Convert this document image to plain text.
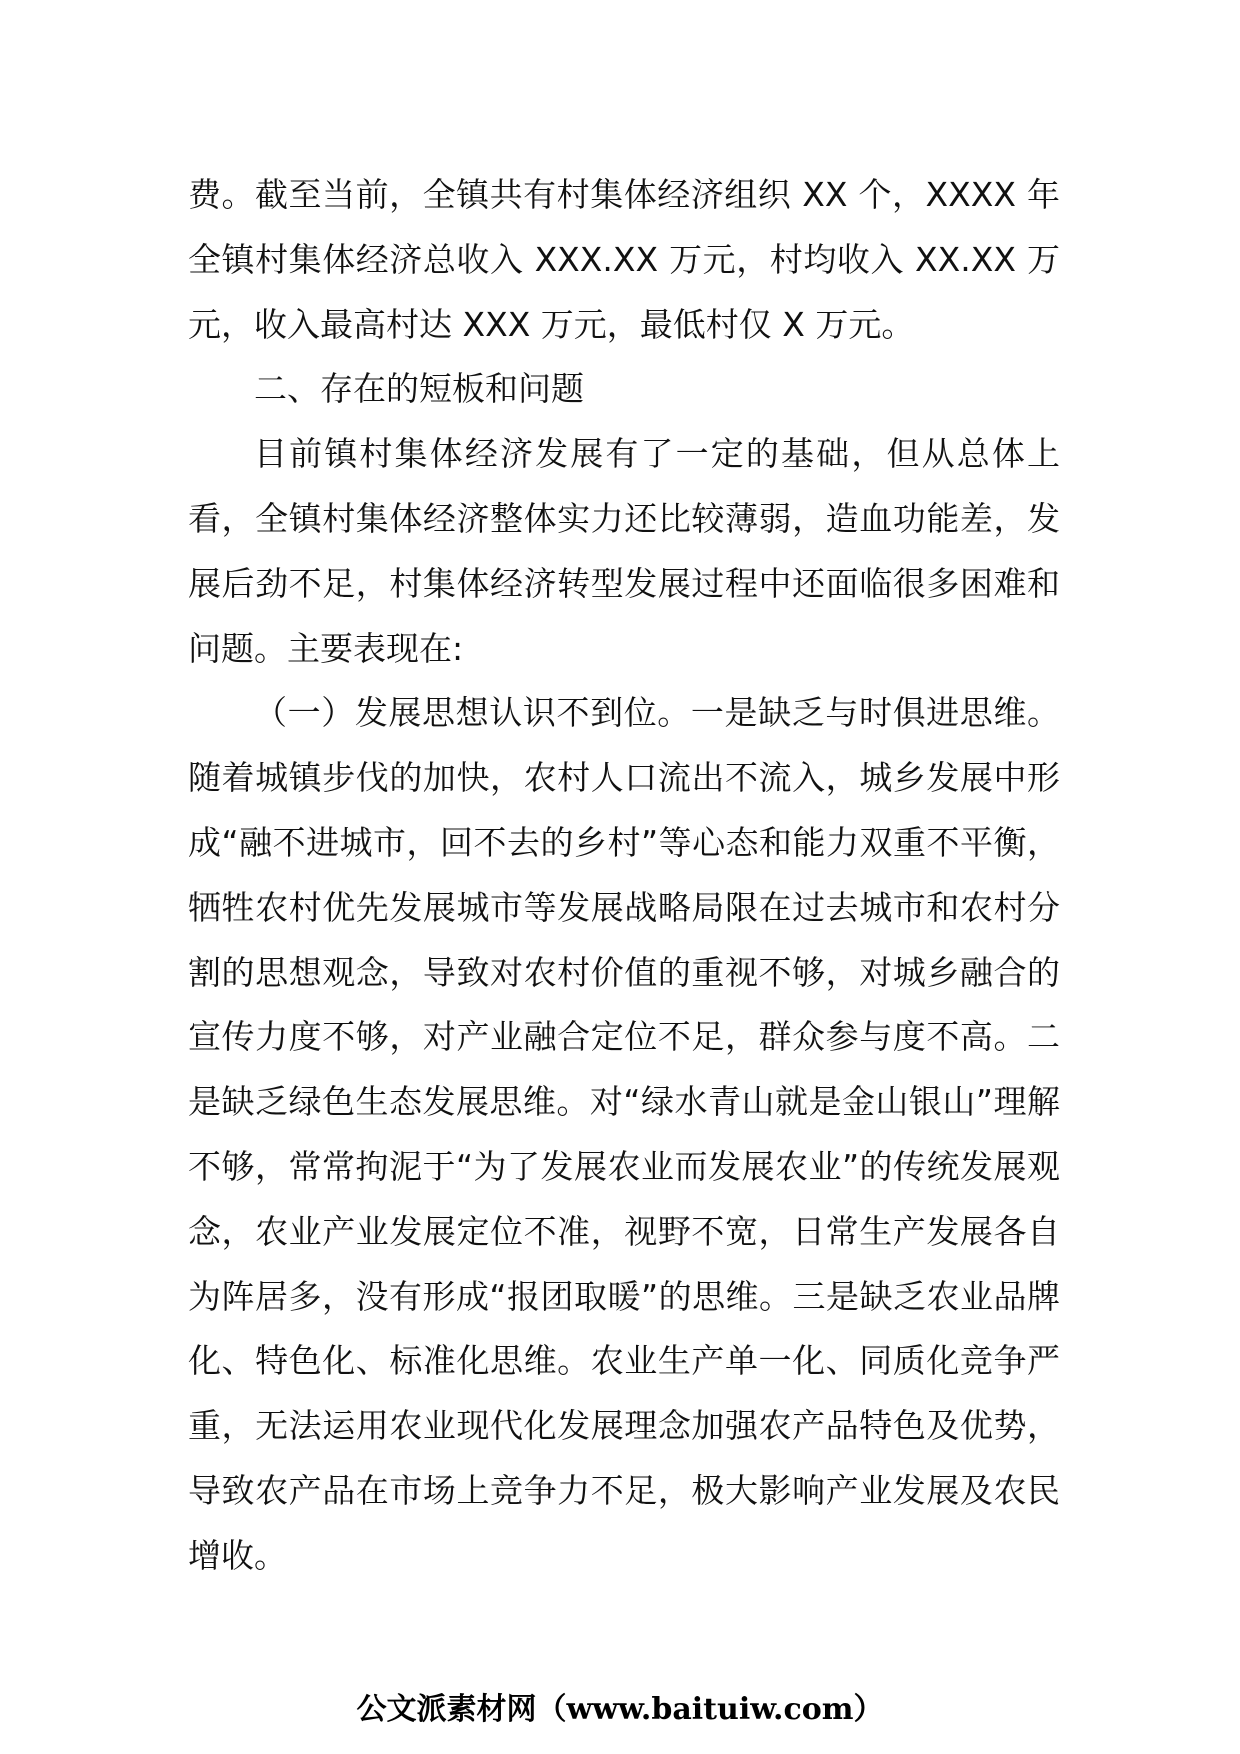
费。截至当前，全镇共有村集体经济组织 XX 个，XXXX 年全镇村集体经济总收入 XXX.XX 万元，村均收入 XX.XX 万元，收入最高村达 XXX 万元，最低村仅 X 万元。

二、存在的短板和问题

目前镇村集体经济发展有了一定的基础，但从总体上看，全镇村集体经济整体实力还比较薄弱，造血功能差，发展后劲不足，村集体经济转型发展过程中还面临很多困难和问题。主要表现在:

（一）发展思想认识不到位。一是缺乏与时俱进思维。随着城镇步伐的加快，农村人口流出不流入，城乡发展中形成“融不进城市，回不去的乡村”等心态和能力双重不平衡，牺牲农村优先发展城市等发展战略局限在过去城市和农村分割的思想观念，导致对农村价值的重视不够，对城乡融合的宣传力度不够，对产业融合定位不足，群众参与度不高。二是缺乏绿色生态发展思维。对“绿水青山就是金山银山”理解不够，常常拘泥于“为了发展农业而发展农业”的传统发展观念，农业产业发展定位不准，视野不宽，日常生产发展各自为阵居多，没有形成“报团取暖”的思维。三是缺乏农业品牌化、特色化、标准化思维。农业生产单一化、同质化竞争严重，无法运用农业现代化发展理念加强农产品特色及优势，导致农产品在市场上竞争力不足，极大影响产业发展及农民增收。

公文派素材网（www.baituiw.com）
